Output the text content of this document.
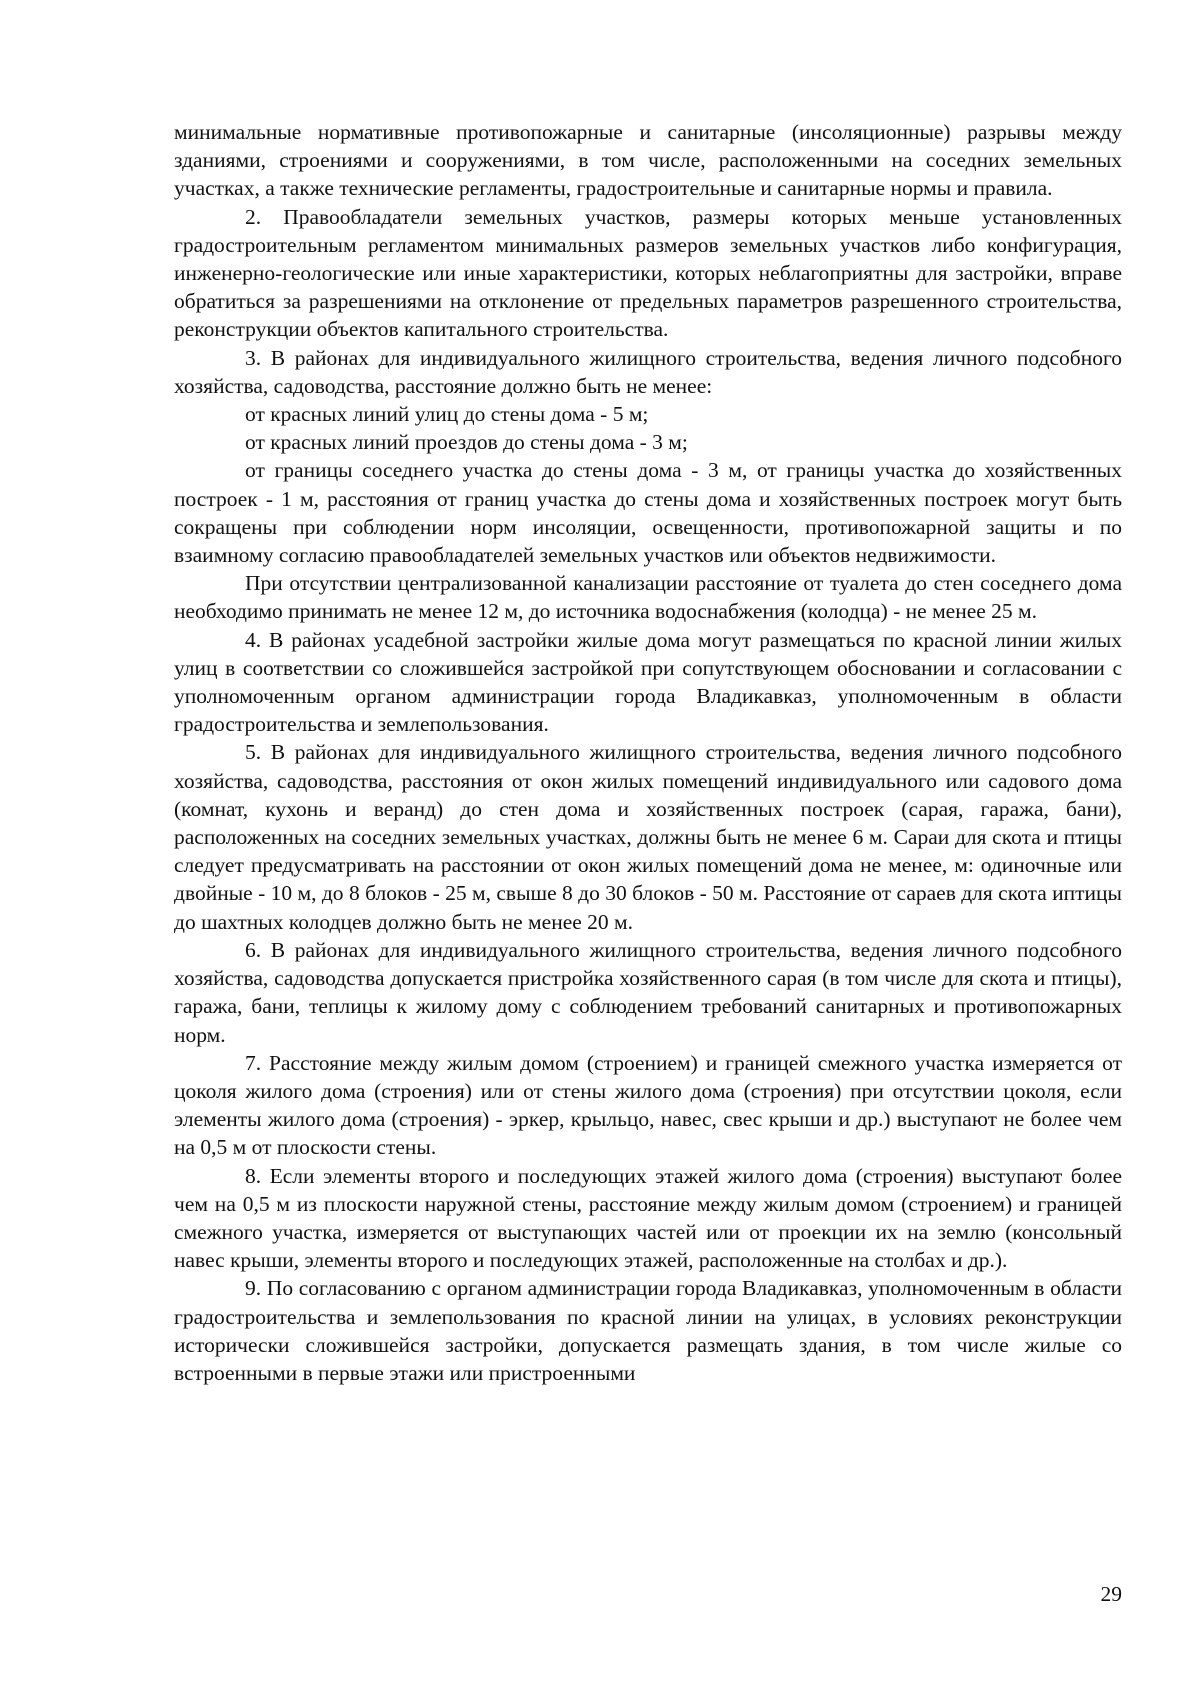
минимальные нормативные противопожарные и санитарные (инсоляционные) разрывы между зданиями, строениями и сооружениями, в том числе, расположенными на соседних земельных участках, а также технические регламенты, градостроительные и санитарные нормы и правила.

2. Правообладатели земельных участков, размеры которых меньше установленных градостроительным регламентом минимальных размеров земельных участков либо конфигурация, инженерно-геологические или иные характеристики, которых неблагоприятны для застройки, вправе обратиться за разрешениями на отклонение от предельных параметров разрешенного строительства, реконструкции объектов капитального строительства.

3. В районах для индивидуального жилищного строительства, ведения личного подсобного хозяйства, садоводства, расстояние должно быть не менее:

от красных линий улиц до стены дома - 5 м;

от красных линий проездов до стены дома - 3 м;

от границы соседнего участка до стены дома - 3 м, от границы участка до хозяйственных построек - 1 м, расстояния от границ участка до стены дома и хозяйственных построек могут быть сокращены при соблюдении норм инсоляции, освещенности, противопожарной защиты и по взаимному согласию правообладателей земельных участков или объектов недвижимости.

При отсутствии централизованной канализации расстояние от туалета до стен соседнего дома необходимо принимать не менее 12 м, до источника водоснабжения (колодца) - не менее 25 м.

4. В районах усадебной застройки жилые дома могут размещаться по красной линии жилых улиц в соответствии со сложившейся застройкой при сопутствующем обосновании и согласовании с уполномоченным органом администрации города Владикавказ, уполномоченным в области градостроительства и землепользования.

5. В районах для индивидуального жилищного строительства, ведения личного подсобного хозяйства, садоводства, расстояния от окон жилых помещений индивидуального или садового дома (комнат, кухонь и веранд) до стен дома и хозяйственных построек (сарая, гаража, бани), расположенных на соседних земельных участках, должны быть не менее 6 м. Сараи для скота и птицы следует предусматривать на расстоянии от окон жилых помещений дома не менее, м: одиночные или двойные - 10 м, до 8 блоков - 25 м, свыше 8 до 30 блоков - 50 м. Расстояние от сараев для скота иптицы до шахтных колодцев должно быть не менее 20 м.

6. В районах для индивидуального жилищного строительства, ведения личного подсобного хозяйства, садоводства допускается пристройка хозяйственного сарая (в том числе для скота и птицы), гаража, бани, теплицы к жилому дому с соблюдением требований санитарных и противопожарных норм.

7. Расстояние между жилым домом (строением) и границей смежного участка измеряется от цоколя жилого дома (строения) или от стены жилого дома (строения) при отсутствии цоколя, если элементы жилого дома (строения) - эркер, крыльцо, навес, свес крыши и др.) выступают не более чем на 0,5 м от плоскости стены.

8. Если элементы второго и последующих этажей жилого дома (строения) выступают более чем на 0,5 м из плоскости наружной стены, расстояние между жилым домом (строением) и границей смежного участка, измеряется от выступающих частей или от проекции их на землю (консольный навес крыши, элементы второго и последующих этажей, расположенные на столбах и др.).

9. По согласованию с органом администрации города Владикавказ, уполномоченным в области градостроительства и землепользования по красной линии на улицах, в условиях реконструкции исторически сложившейся застройки, допускается размещать здания, в том числе жилые со встроенными в первые этажи или пристроенными

29
